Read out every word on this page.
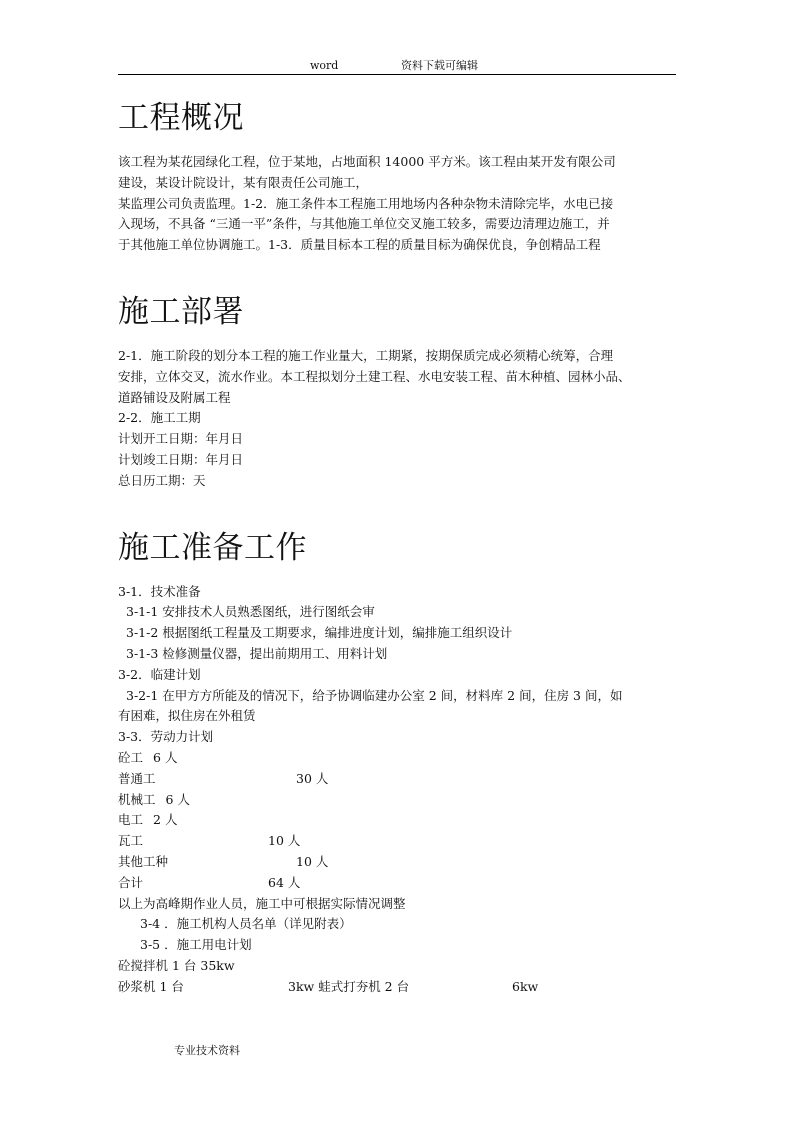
word	资料下载可编辑
工程概况

该工程为某花园绿化工程，位于某地，占地面积 14000 平方米。该工程由某开发有限公司

建设，某设计院设计，某有限责任公司施工，

某监理公司负责监理。1-2．施工条件本工程施工用地场内各种杂物未清除完毕，水电已接

入现场，不具备 “三通一平”条件，与其他施工单位交叉施工较多，需要边清理边施工，并

于其他施工单位协调施工。1-3．质量目标本工程的质量目标为确保优良，争创精品工程

施工部署

2-1．施工阶段的划分本工程的施工作业量大，工期紧，按期保质完成必须精心统筹，合理

安排，立体交叉，流水作业。本工程拟划分土建工程、水电安装工程、苗木种植、园林小品、

道路铺设及附属工程

2-2．施工工期

计划开工日期：年月日

计划竣工日期：年月日

总日历工期：天

施工准备工作

3-1．技术准备

3-1-1 安排技术人员熟悉图纸，进行图纸会审

3-1-2 根据图纸工程量及工期要求，编排进度计划，编排施工组织设计

3-1-3 检修测量仪器，提出前期用工、用料计划

3-2．临建计划

3-2-1 在甲方方所能及的情况下，给予协调临建办公室 2 间，材料库 2 间，住房 3 间，如

有困难，拟住房在外租赁

3-3．劳动力计划

砼工 6 人
普通工	30 人
机械工 6 人
电工 2 人
瓦工	10 人
其他工种	10 人
合计	64 人

以上为高峰期作业人员，施工中可根据实际情况调整

3-4 ．施工机构人员名单（详见附表）

3-5 ．施工用电计划

砼搅拌机 1 台 35kw

砂浆机 1 台	3kw 蛙式打夯机 2 台	6kw
专业技术资料
